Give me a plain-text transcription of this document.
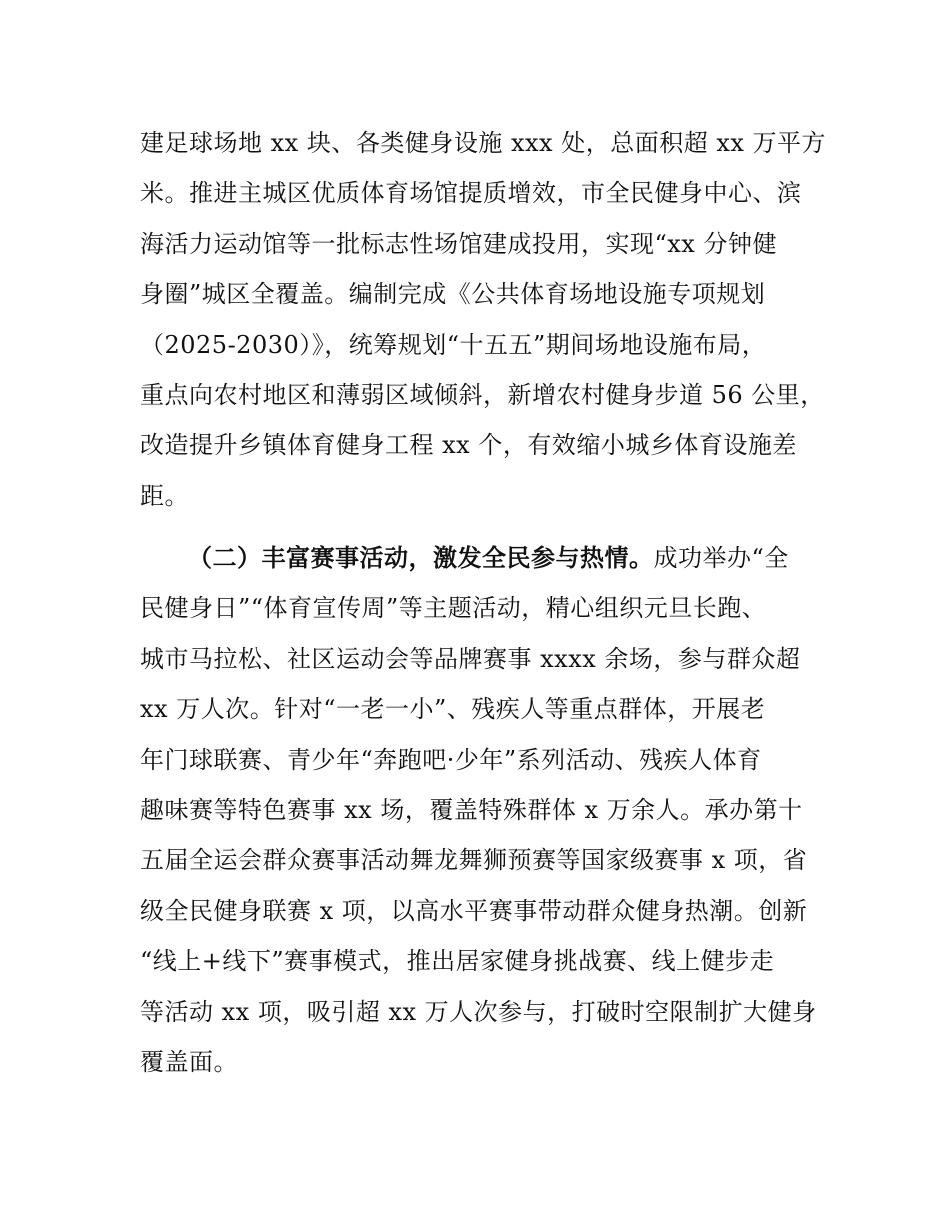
建足球场地 xx 块、各类健身设施 xxx 处，总面积超 xx 万平方
米。推进主城区优质体育场馆提质增效，市全民健身中心、滨
海活力运动馆等一批标志性场馆建成投用，实现“xx 分钟健
身圈”城区全覆盖。编制完成《公共体育场地设施专项规划
（2025-2030）》，统筹规划“十五五”期间场地设施布局，
重点向农村地区和薄弱区域倾斜，新增农村健身步道 56 公里，
改造提升乡镇体育健身工程 xx 个，有效缩小城乡体育设施差
距。
（二）丰富赛事活动，激发全民参与热情。成功举办“全
民健身日”“体育宣传周”等主题活动，精心组织元旦长跑、
城市马拉松、社区运动会等品牌赛事 xxxx 余场，参与群众超
xx 万人次。针对“一老一小”、残疾人等重点群体，开展老
年门球联赛、青少年“奔跑吧·少年”系列活动、残疾人体育
趣味赛等特色赛事 xx 场，覆盖特殊群体 x 万余人。承办第十
五届全运会群众赛事活动舞龙舞狮预赛等国家级赛事 x 项，省
级全民健身联赛 x 项，以高水平赛事带动群众健身热潮。创新
“线上+线下”赛事模式，推出居家健身挑战赛、线上健步走
等活动 xx 项，吸引超 xx 万人次参与，打破时空限制扩大健身
覆盖面。
